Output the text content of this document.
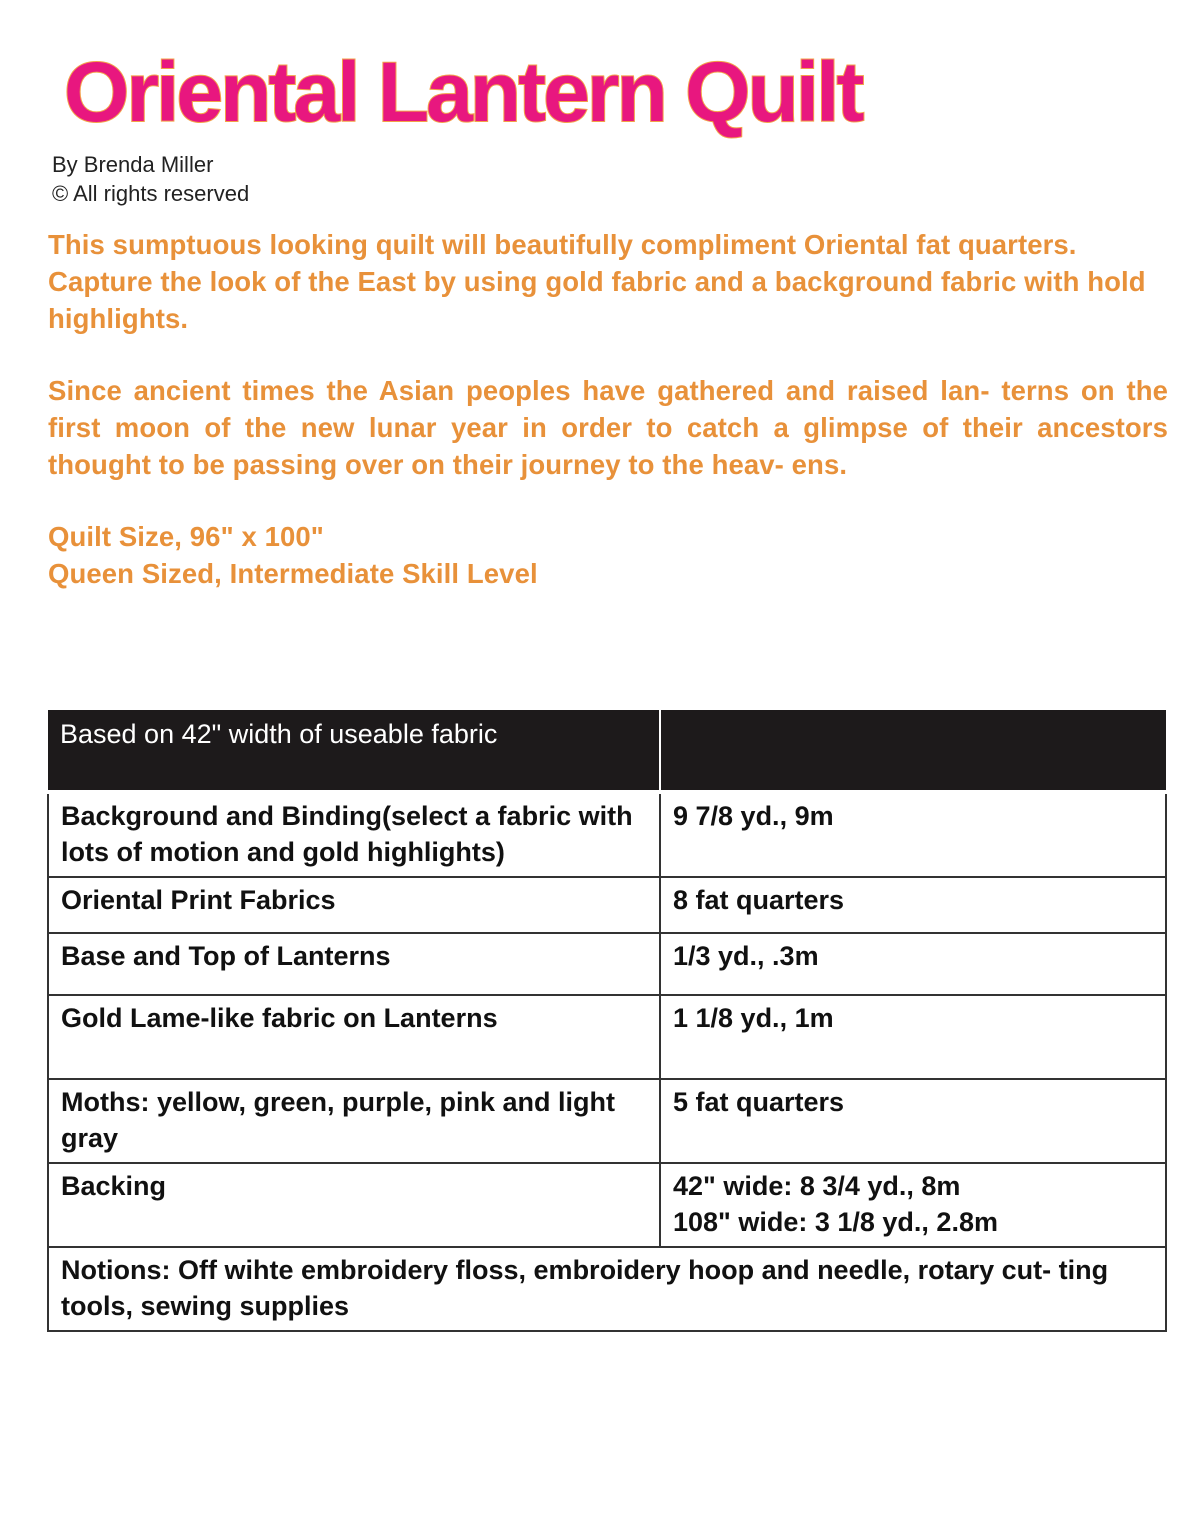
Oriental Lantern Quilt
By Brenda Miller
© All rights reserved

This sumptuous looking quilt will beautifully compliment Oriental fat quarters. Capture the look of the East by using gold fabric and a background fabric with hold highlights.

Since ancient times the Asian peoples have gathered and raised lan- terns on the first moon of the new lunar year in order to catch a glimpse of their ancestors thought to be passing over on their journey to the heav- ens.

Quilt Size, 96" x 100"

Queen Sized, Intermediate Skill Level

Based on 42" width of useable fabric	
Background and Binding(select a fabric with lots of motion and gold highlights)	9 7/8 yd., 9m
Oriental Print Fabrics	8 fat quarters
Base and Top of Lanterns	1/3 yd., .3m
Gold Lame-like fabric on Lanterns	1 1/8 yd., 1m
Moths: yellow, green, purple, pink and light gray	5 fat quarters
Backing	42" wide: 8 3/4 yd., 8m
108" wide: 3 1/8 yd., 2.8m

Notions: Off wihte embroidery floss, embroidery hoop and needle, rotary cut- ting tools, sewing supplies	
